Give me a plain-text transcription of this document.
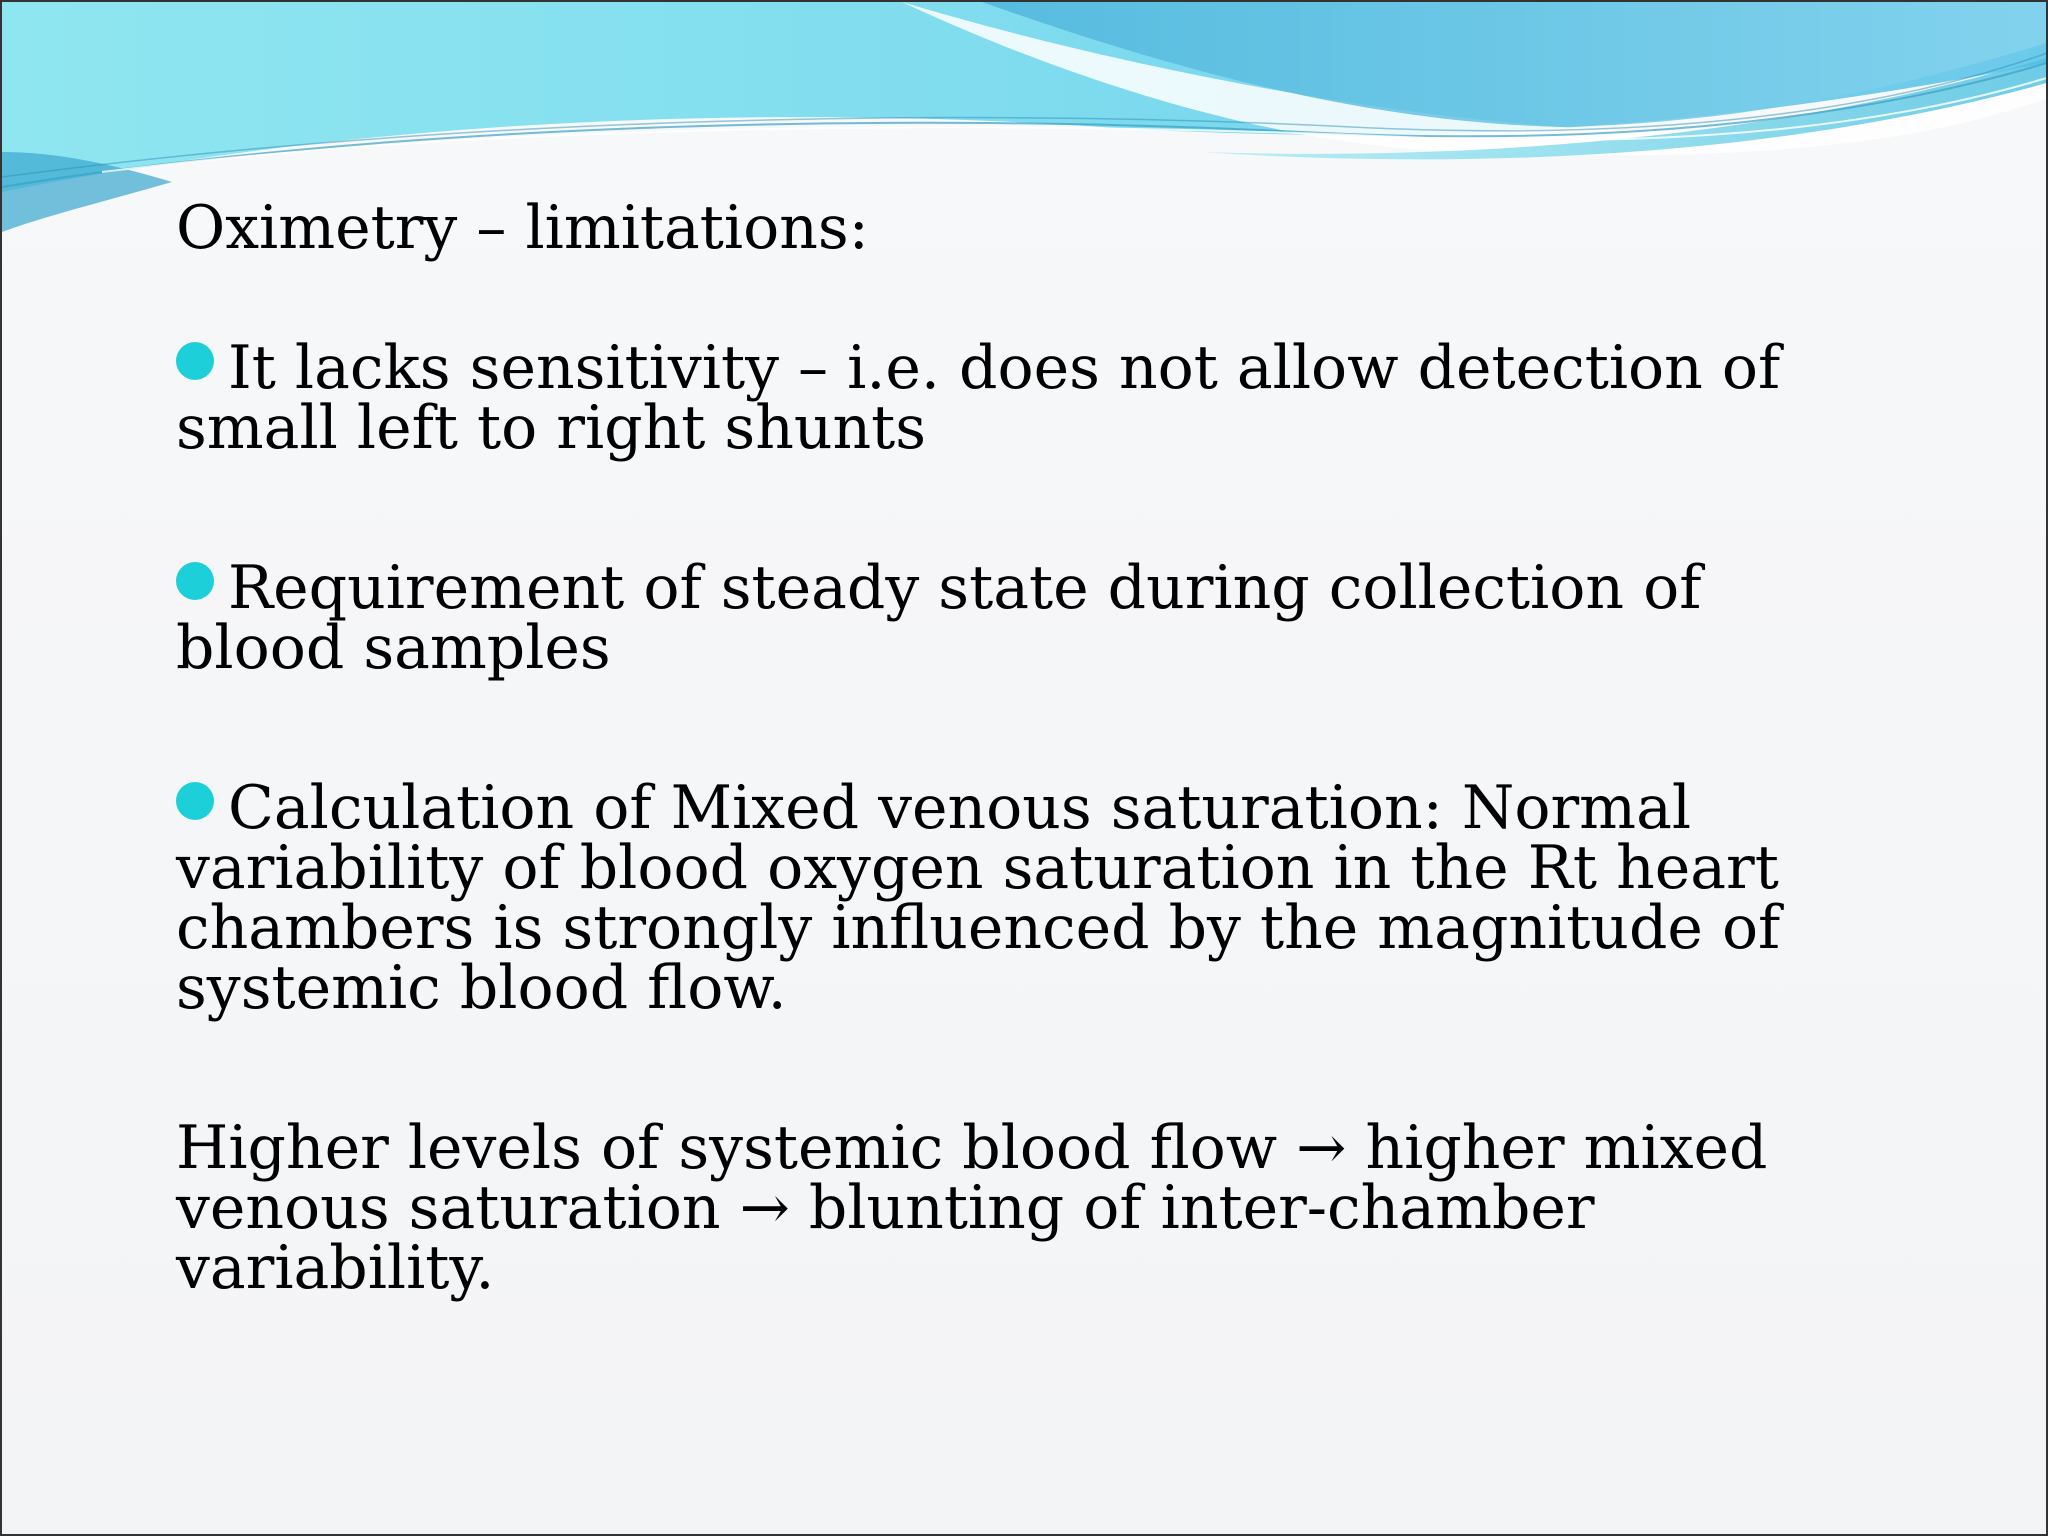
Oximetry – limitations:
It lacks sensitivity – i.e. does not allow detection of small left to right shunts
Requirement of steady state during collection of blood samples
Calculation of Mixed venous saturation: Normal variability of blood oxygen saturation in the Rt heart chambers is strongly influenced by the magnitude of systemic blood flow.
Higher levels of systemic blood flow → higher mixed venous saturation → blunting of inter-chamber variability.
